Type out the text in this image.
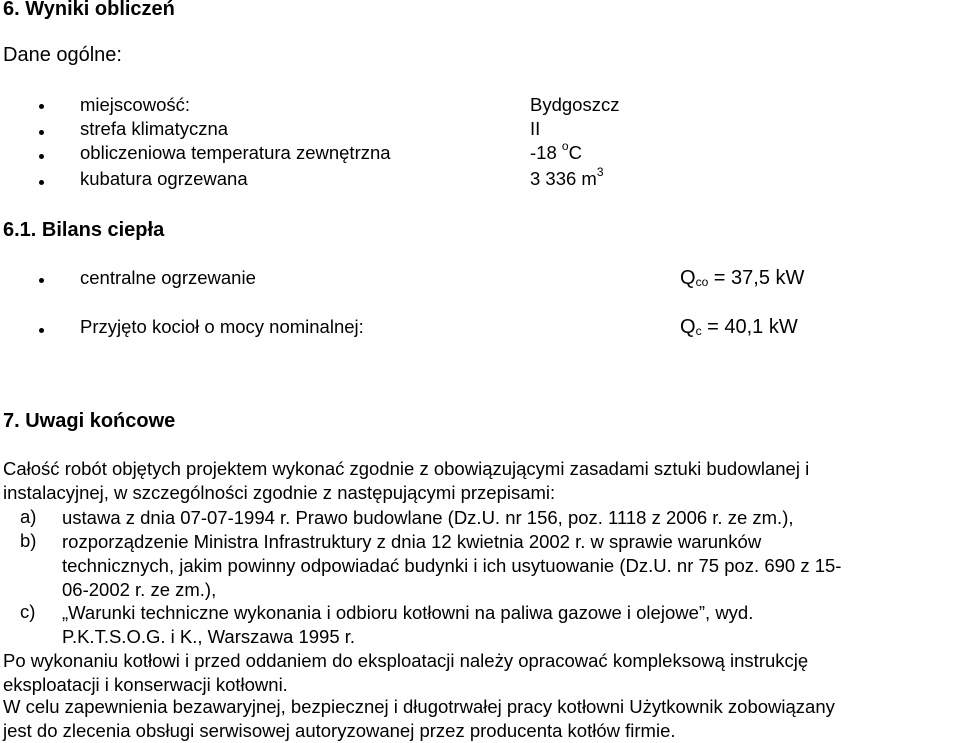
6. Wyniki obliczeń
Dane ogólne:
miejscowość:	Bydgoszcz
strefa klimatyczna	II
obliczeniowa temperatura zewnętrzna	-18 $^o$C
kubatura ogrzewana	3 336 $m^3$
6.1. Bilans ciepła
centralne ogrzewanie	$Q_{co} = 37,5$ kW
Przyjęto kocioł o mocy nominalnej:	$Q_c = 40,1$ kW
7. Uwagi końcowe
Całość robót objętych projektem wykonać zgodnie z obowiązującymi zasadami sztuki budowlanej i
instalacyjnej, w szczególności zgodnie z następującymi przepisami:
a) ustawa z dnia 07-07-1994 r. Prawo budowlane (Dz.U. nr 156, poz. 1118 z 2006 r. ze zm.),
b) rozporządzenie Ministra Infrastruktury z dnia 12 kwietnia 2002 r. w sprawie warunków
technicznych, jakim powinny odpowiadać budynki i ich usytuowanie (Dz.U. nr 75 poz. 690 z 15-
06-2002 r. ze zm.),
c) „Warunki techniczne wykonania i odbioru kotłowni na paliwa gazowe i olejowe”, wyd.
P.K.T.S.O.G. i K., Warszawa 1995 r.
Po wykonaniu kotłowi i przed oddaniem do eksploatacji należy opracować kompleksową instrukcję
eksploatacji i konserwacji kotłowni.
W celu zapewnienia bezawaryjnej, bezpiecznej i długotrwałej pracy kotłowni Użytkownik zobowiązany
jest do zlecenia obsługi serwisowej autoryzowanej przez producenta kotłów firmie.
